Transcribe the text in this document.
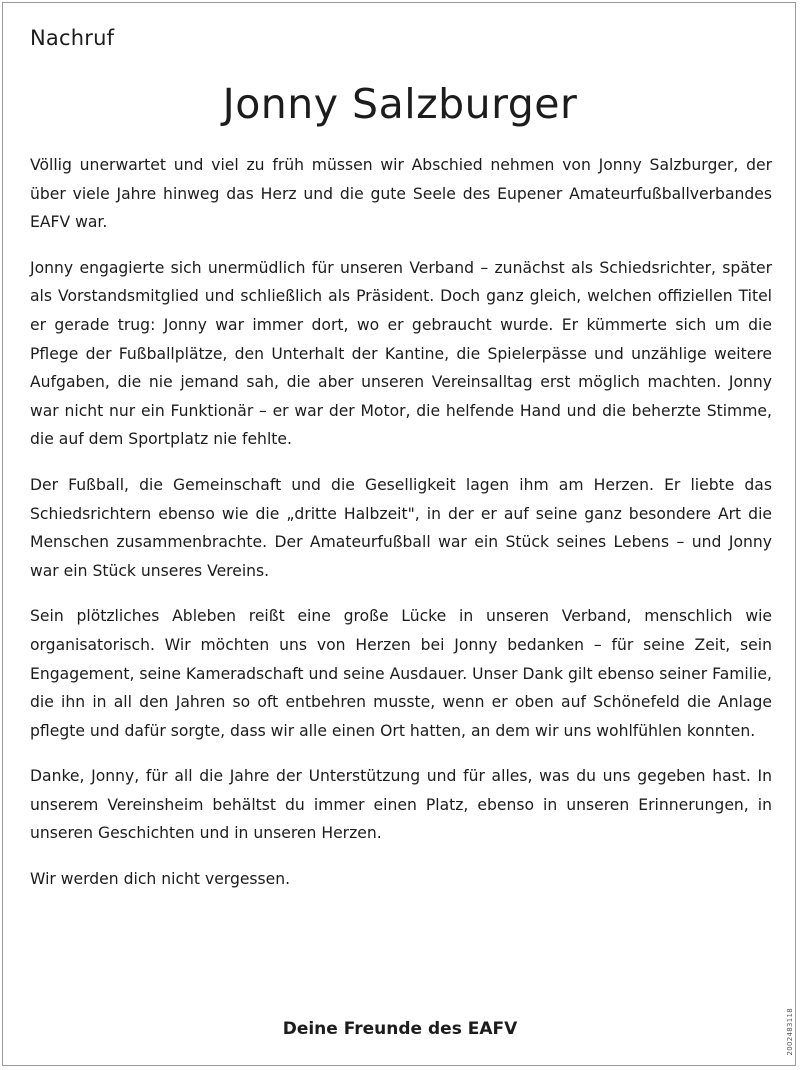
Nachruf
Jonny Salzburger

Völlig unerwartet und viel zu früh müssen wir Abschied nehmen von Jonny Salzburger, der über viele Jahre hinweg das Herz und die gute Seele des Eupener Amateurfußballverbandes EAFV war.

Jonny engagierte sich unermüdlich für unseren Verband – zunächst als Schiedsrichter, später als Vorstandsmitglied und schließlich als Präsident. Doch ganz gleich, welchen offiziellen Titel er gerade trug: Jonny war immer dort, wo er gebraucht wurde. Er kümmerte sich um die Pflege der Fußballplätze, den Unterhalt der Kantine, die Spielerpässe und unzählige weitere Aufgaben, die nie jemand sah, die aber unseren Vereinsalltag erst möglich machten. Jonny war nicht nur ein Funktionär – er war der Motor, die helfende Hand und die beherzte Stimme, die auf dem Sportplatz nie fehlte.

Der Fußball, die Gemeinschaft und die Geselligkeit lagen ihm am Herzen. Er liebte das Schiedsrichtern ebenso wie die „dritte Halbzeit", in der er auf seine ganz besondere Art die Menschen zusammenbrachte. Der Amateurfußball war ein Stück seines Lebens – und Jonny war ein Stück unseres Vereins.

Sein plötzliches Ableben reißt eine große Lücke in unseren Verband, menschlich wie organisatorisch. Wir möchten uns von Herzen bei Jonny bedanken – für seine Zeit, sein Engagement, seine Kameradschaft und seine Ausdauer. Unser Dank gilt ebenso seiner Familie, die ihn in all den Jahren so oft entbehren musste, wenn er oben auf Schönefeld die Anlage pflegte und dafür sorgte, dass wir alle einen Ort hatten, an dem wir uns wohlfühlen konnten.

Danke, Jonny, für all die Jahre der Unterstützung und für alles, was du uns gegeben hast. In unserem Vereinsheim behältst du immer einen Platz, ebenso in unseren Erinnerungen, in unseren Geschichten und in unseren Herzen.

Wir werden dich nicht vergessen.

Deine Freunde des EAFV	2002483118
